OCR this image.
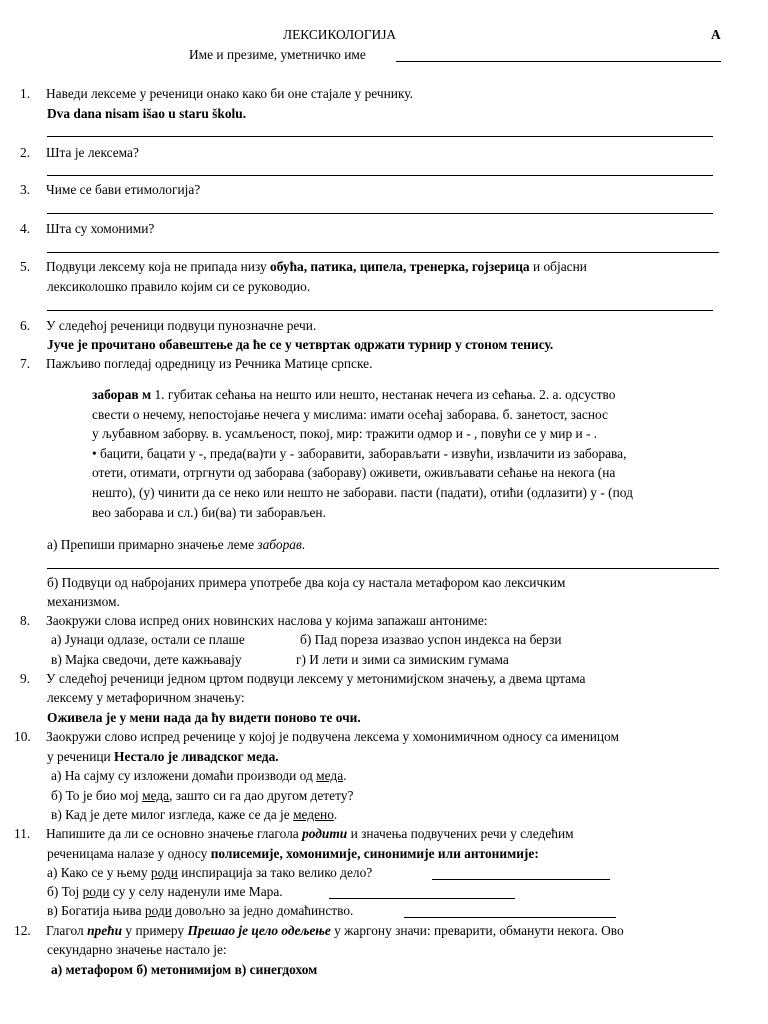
ЛЕКСИКОЛОГИЈА	А
Име и презиме, уметничко име
1. Наведи лексеме у реченици онако како би оне стајале у речнику.
Dva dana nisam išao u staru školu.
2. Шта је лексема?
3. Чиме се бави етимологија?
4. Шта су хомоними?
5. Подвуци лексему која не припада низу обућа, патика, ципела, тренерка, гојзерица и објасни
лексиколошко правило којим си се руководио.
6. У следећој реченици подвуци пунозначне речи.
Јуче је прочитано обавештење да ће се у четвртак одржати турнир у стоном тенису.
7. Пажљиво погледај одредницу из Речника Матице српске.
заборав м 1. губитак сећања на нешто или нешто, нестанак нечега из сећања. 2. а. одсуство
свести о нечему, непостојање нечега у мислима: имати осећај заборава. б. занетост, заснос
у љубавном заборву. в. усамљеност, покој, мир: тражити одмор и - , повући се у мир и - .
• бацити, бацати у -, преда(ва)ти у - заборавити, заборављати - извући, извлачити из заборава,
отети, отимати, отргнути од заборава (забораву) оживети, оживљавати сећање на некога (на
нешто), (у) чинити да се неко или нешто не заборави. пасти (падати), отићи (одлазити) у - (под
вео заборава и сл.) би(ва) ти заборављен.
а) Препиши примарно значење леме заборав.
б) Подвуци од набројаних примера употребе два која су настала метафором као лексичким
механизмом.
8. Заокружи слова испред оних новинских наслова у којима запажаш антониме:
а) Јунаци одлазе, остали се плаше	б) Пад пореза изазвао успон индекса на берзи
в) Мајка сведочи, дете кажњавају	г) И лети и зими са зимиским гумама
9. У следећој реченици једном цртом подвуци лексему у метонимијском значењу, а двема цртама
лексему у метафоричном значењу:
Оживела је у мени нада да ћу видети поново те очи.
10. Заокружи слово испред реченице у којој је подвучена лексема у хомонимичном односу са именицом
у реченици Нестало је ливадског меда.
а) На сајму су изложени домаћи производи од меда.
б) То је био мој меда, зашто си га дао другом детету?
в) Кад је дете милог изгледа, каже се да је медено.
11. Напишите да ли се основно значење глагола родити и значења подвучених речи у следећим
реченицама налазе у односу полисемије, хомонимије, синонимије или антонимије:
а) Како се у њему роди инспирација за тако велико дело?
б) Тој роди су у селу наденули име Мара.
в) Богатија њива роди довољно за једно домаћинство.
12. Глагол прећи у примеру Прешао је цело одељење у жаргону значи: преварити, обманути некога. Ово
секундарно значење настало је:
а) метафором б) метонимијом в) синегдохом
